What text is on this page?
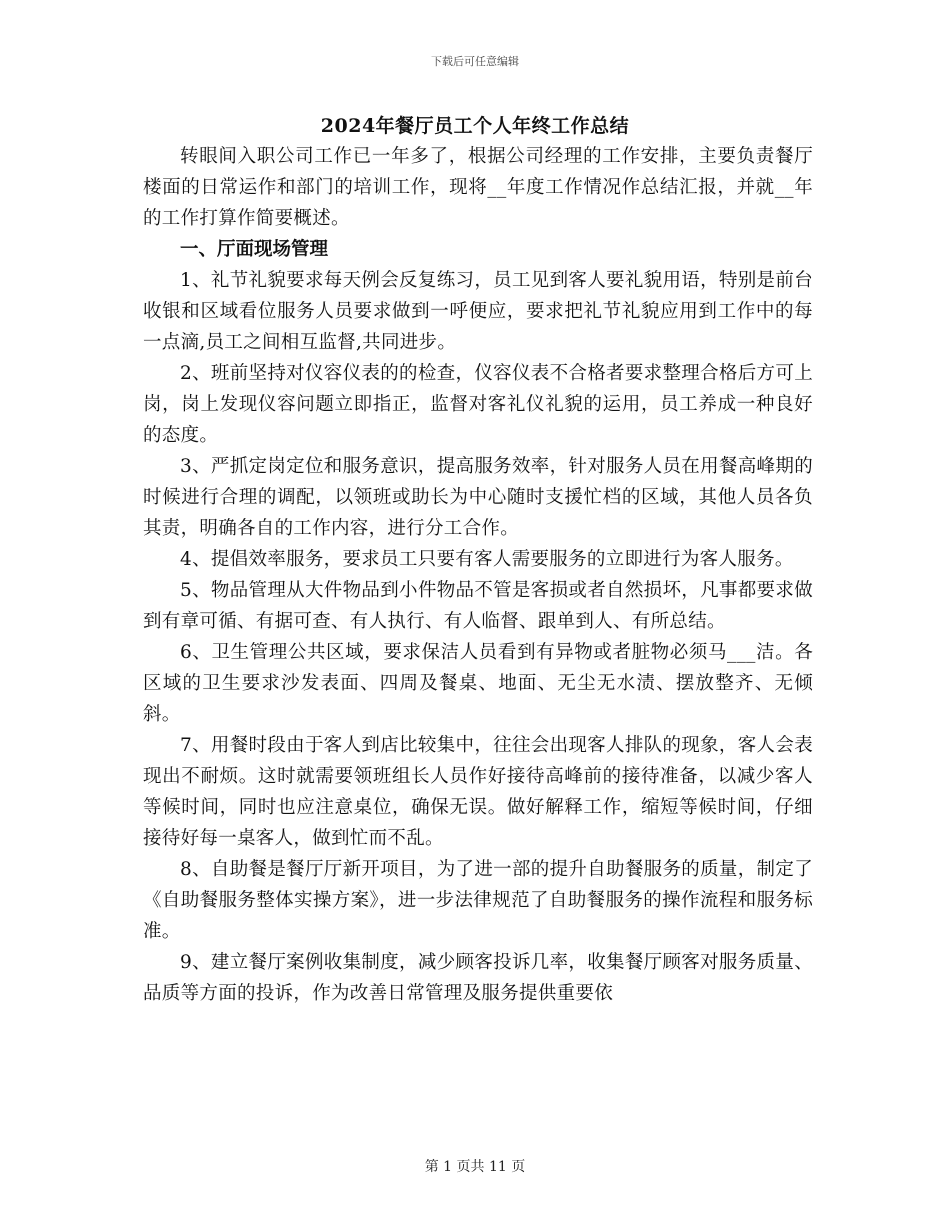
下载后可任意编辑
2024年餐厅员工个人年终工作总结

转眼间入职公司工作已一年多了，根据公司经理的工作安排，主要负责餐厅楼面的日常运作和部门的培训工作，现将__年度工作情况作总结汇报，并就__年的工作打算作简要概述。

一、厅面现场管理

1、礼节礼貌要求每天例会反复练习，员工见到客人要礼貌用语，特别是前台收银和区域看位服务人员要求做到一呼便应，要求把礼节礼貌应用到工作中的每一点滴,员工之间相互监督,共同进步。

2、班前坚持对仪容仪表的的检查，仪容仪表不合格者要求整理合格后方可上岗，岗上发现仪容问题立即指正，监督对客礼仪礼貌的运用，员工养成一种良好的态度。

3、严抓定岗定位和服务意识，提高服务效率，针对服务人员在用餐高峰期的时候进行合理的调配，以领班或助长为中心随时支援忙档的区域，其他人员各负其责，明确各自的工作内容，进行分工合作。

4、提倡效率服务，要求员工只要有客人需要服务的立即进行为客人服务。

5、物品管理从大件物品到小件物品不管是客损或者自然损坏，凡事都要求做到有章可循、有据可查、有人执行、有人临督、跟单到人、有所总结。

6、卫生管理公共区域，要求保洁人员看到有异物或者脏物必须马___洁。各区域的卫生要求沙发表面、四周及餐桌、地面、无尘无水渍、摆放整齐、无倾斜。

7、用餐时段由于客人到店比较集中，往往会出现客人排队的现象，客人会表现出不耐烦。这时就需要领班组长人员作好接待高峰前的接待准备，以减少客人等候时间，同时也应注意桌位，确保无误。做好解释工作，缩短等候时间，仔细接待好每一桌客人，做到忙而不乱。

8、自助餐是餐厅厅新开项目，为了进一部的提升自助餐服务的质量，制定了《自助餐服务整体实操方案》，进一步法律规范了自助餐服务的操作流程和服务标准。

9、建立餐厅案例收集制度，减少顾客投诉几率，收集餐厅顾客对服务质量、品质等方面的投诉，作为改善日常管理及服务提供重要依

第 1 页共 11 页
